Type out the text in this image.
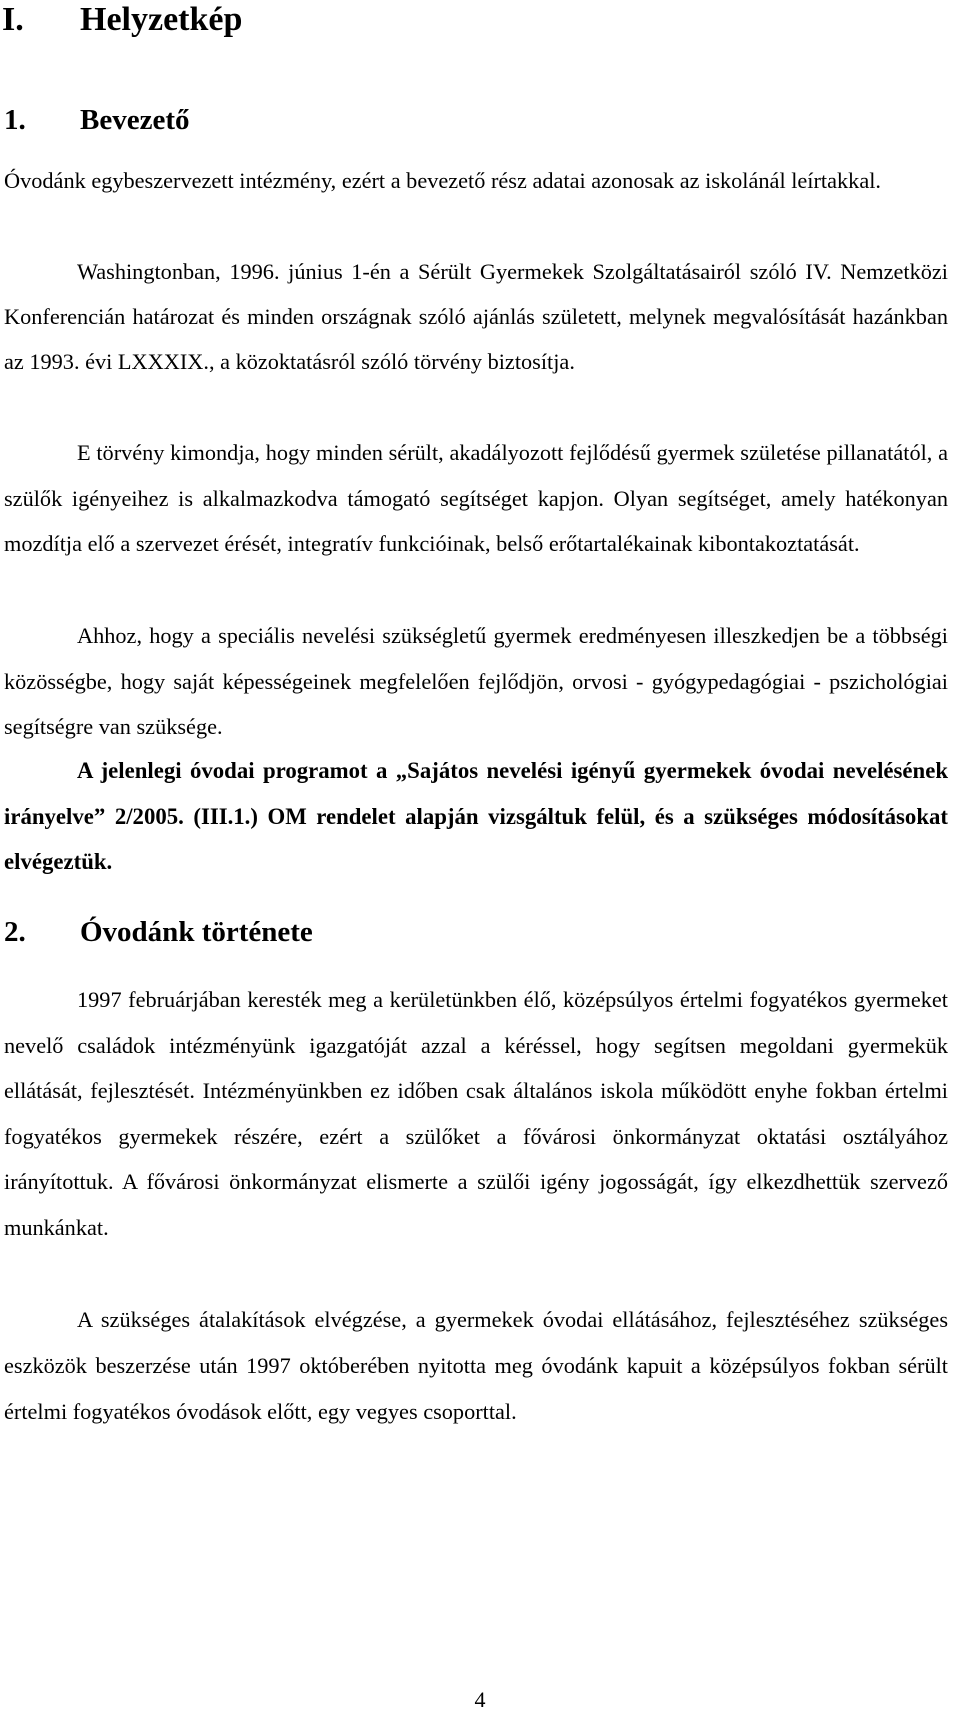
I. Helyzetkép
1. Bevezető

Óvodánk egybeszervezett intézmény, ezért a bevezető rész adatai azonosak az iskolánál leírtakkal.

Washingtonban, 1996. június 1-én a Sérült Gyermekek Szolgáltatásairól szóló IV. Nemzetközi Konferencián határozat és minden országnak szóló ajánlás született, melynek megvalósítását hazánkban az 1993. évi LXXXIX., a közoktatásról szóló törvény biztosítja.

E törvény kimondja, hogy minden sérült, akadályozott fejlődésű gyermek születése pillanatától, a szülők igényeihez is alkalmazkodva támogató segítséget kapjon. Olyan segítséget, amely hatékonyan mozdítja elő a szervezet érését, integratív funkcióinak, belső erőtartalékainak kibontakoztatását.

Ahhoz, hogy a speciális nevelési szükségletű gyermek eredményesen illeszkedjen be a többségi közösségbe, hogy saját képességeinek megfelelően fejlődjön, orvosi - gyógypedagógiai - pszichológiai segítségre van szüksége.

A jelenlegi óvodai programot a „Sajátos nevelési igényű gyermekek óvodai nevelésének irányelve” 2/2005. (III.1.) OM rendelet alapján vizsgáltuk felül, és a szükséges módosításokat elvégeztük.

2. Óvodánk története

1997 februárjában keresték meg a kerületünkben élő, középsúlyos értelmi fogyatékos gyermeket nevelő családok intézményünk igazgatóját azzal a kéréssel, hogy segítsen megoldani gyermekük ellátását, fejlesztését. Intézményünkben ez időben csak általános iskola működött enyhe fokban értelmi fogyatékos gyermekek részére, ezért a szülőket a fővárosi önkormányzat oktatási osztályához irányítottuk. A fővárosi önkormányzat elismerte a szülői igény jogosságát, így elkezdhettük szervező munkánkat.

A szükséges átalakítások elvégzése, a gyermekek óvodai ellátásához, fejlesztéséhez szükséges eszközök beszerzése után 1997 októberében nyitotta meg óvodánk kapuit a középsúlyos fokban sérült értelmi fogyatékos óvodások előtt, egy vegyes csoporttal.

4
